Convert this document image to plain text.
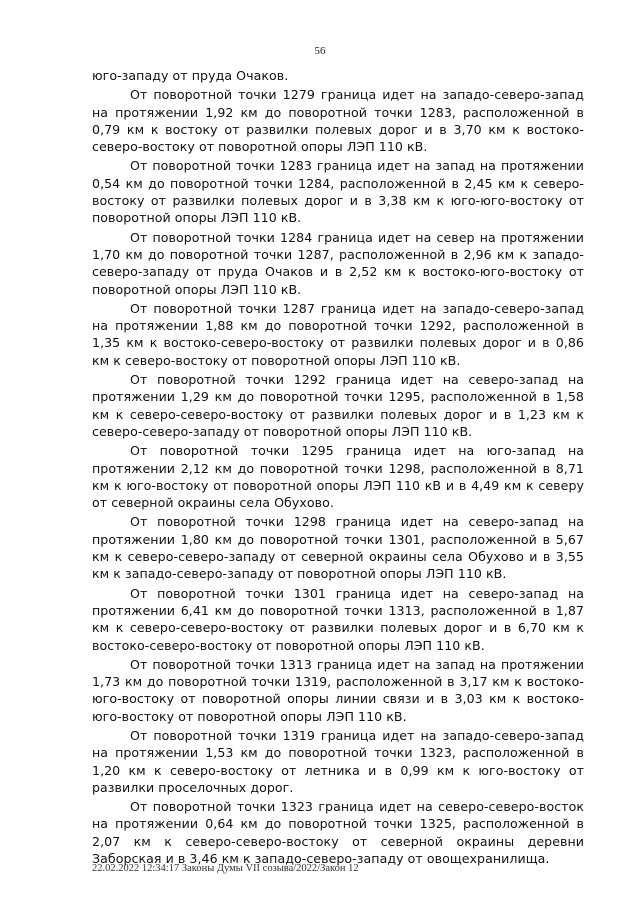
56

юго-западу от пруда Очаков.

От поворотной точки 1279 граница идет на западо-северо-запад на протяжении 1,92 км до поворотной точки 1283, расположенной в 0,79 км к востоку от развилки полевых дорог и в 3,70 км к востоко-северо-востоку от поворотной опоры ЛЭП 110 кВ.

От поворотной точки 1283 граница идет на запад на протяжении 0,54 км до поворотной точки 1284, расположенной в 2,45 км к северо-востоку от развилки полевых дорог и в 3,38 км к юго-юго-востоку от поворотной опоры ЛЭП 110 кВ.

От поворотной точки 1284 граница идет на север на протяжении 1,70 км до поворотной точки 1287, расположенной в 2,96 км к западо-северо-западу от пруда Очаков и в 2,52 км к востоко-юго-востоку от поворотной опоры ЛЭП 110 кВ.

От поворотной точки 1287 граница идет на западо-северо-запад на протяжении 1,88 км до поворотной точки 1292, расположенной в 1,35 км к востоко-северо-востоку от развилки полевых дорог и в 0,86 км к северо-востоку от поворотной опоры ЛЭП 110 кВ.

От поворотной точки 1292 граница идет на северо-запад на протяжении 1,29 км до поворотной точки 1295, расположенной в 1,58 км к северо-северо-востоку от развилки полевых дорог и в 1,23 км к северо-северо-западу от поворотной опоры ЛЭП 110 кВ.

От поворотной точки 1295 граница идет на юго-запад на протяжении 2,12 км до поворотной точки 1298, расположенной в 8,71 км к юго-востоку от поворотной опоры ЛЭП 110 кВ и в 4,49 км к северу от северной окраины села Обухово.

От поворотной точки 1298 граница идет на северо-запад на протяжении 1,80 км до поворотной точки 1301, расположенной в 5,67 км к северо-северо-западу от северной окраины села Обухово и в 3,55 км к западо-северо-западу от поворотной опоры ЛЭП 110 кВ.

От поворотной точки 1301 граница идет на северо-запад на протяжении 6,41 км до поворотной точки 1313, расположенной в 1,87 км к северо-северо-востоку от развилки полевых дорог и в 6,70 км к востоко-северо-востоку от поворотной опоры ЛЭП 110 кВ.

От поворотной точки 1313 граница идет на запад на протяжении 1,73 км до поворотной точки 1319, расположенной в 3,17 км к востоко-юго-востоку от поворотной опоры линии связи и в 3,03 км к востоко-юго-востоку от поворотной опоры ЛЭП 110 кВ.

От поворотной точки 1319 граница идет на западо-северо-запад на протяжении 1,53 км до поворотной точки 1323, расположенной в 1,20 км к северо-востоку от летника и в 0,99 км к юго-востоку от развилки проселочных дорог.

От поворотной точки 1323 граница идет на северо-северо-восток на протяжении 0,64 км до поворотной точки 1325, расположенной в 2,07 км к северо-северо-востоку от северной окраины деревни Заборская и в 3,46 км к западо-северо-западу от овощехранилища.

22.02.2022 12:34:17 Законы Думы VII созыва/2022/Закон 12
